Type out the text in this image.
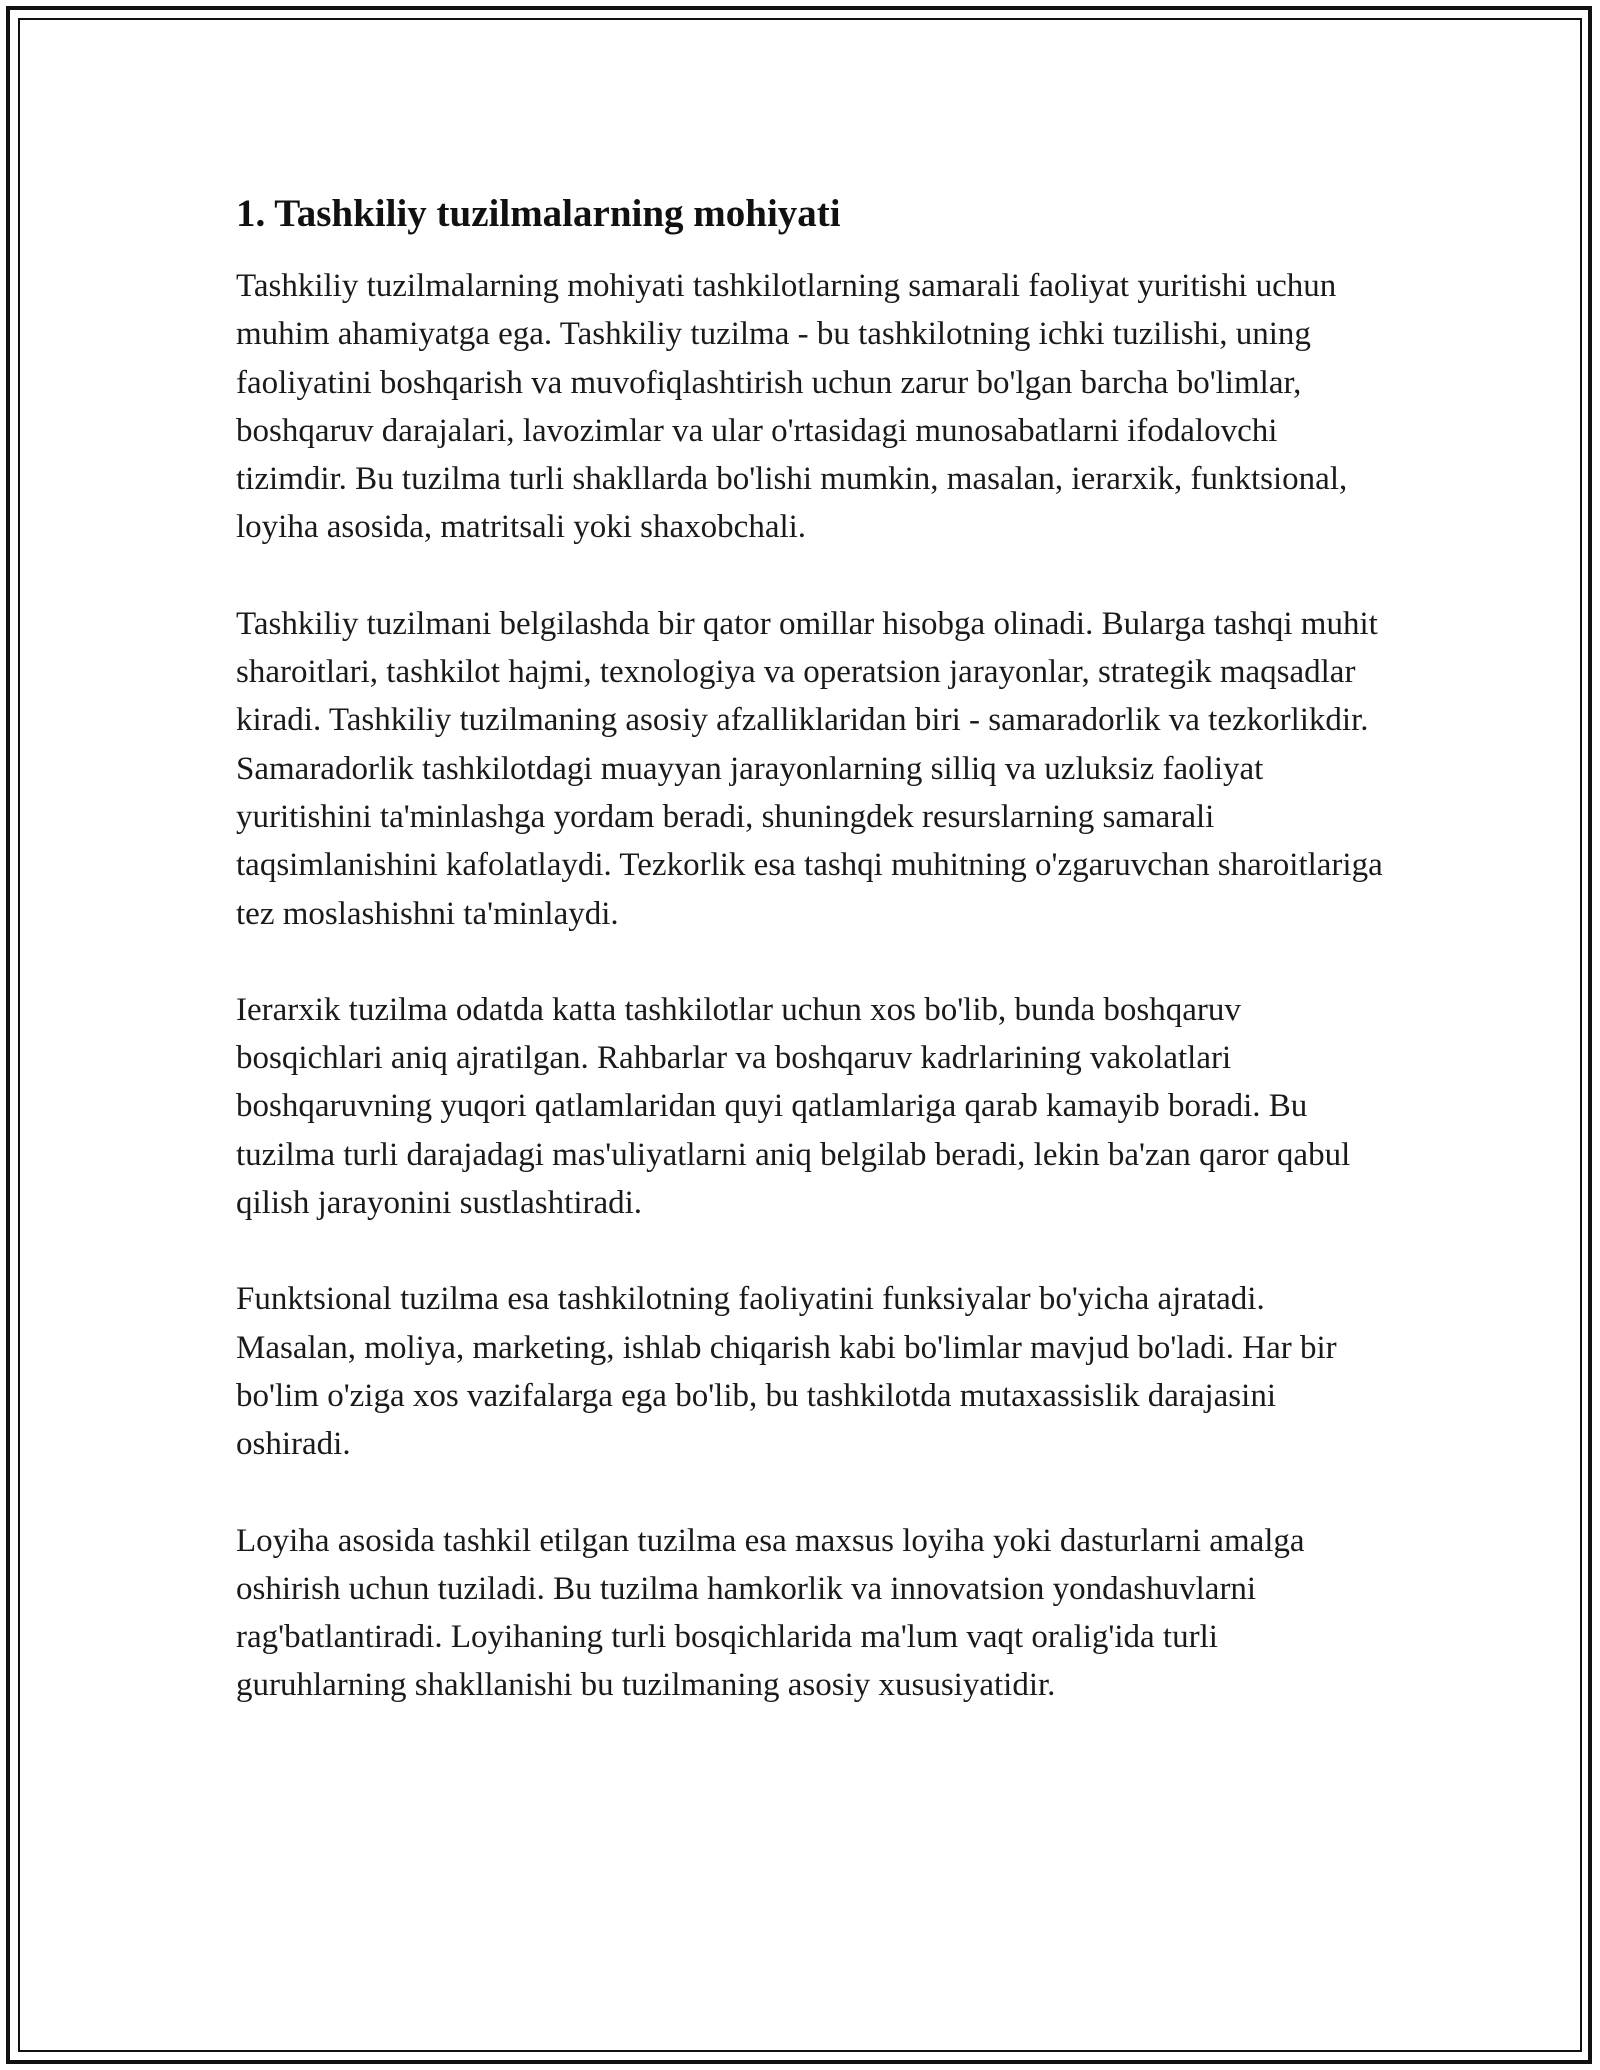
1. Tashkiliy tuzilmalarning mohiyati

Tashkiliy tuzilmalarning mohiyati tashkilotlarning samarali faoliyat yuritishi uchun muhim ahamiyatga ega. Tashkiliy tuzilma - bu tashkilotning ichki tuzilishi, uning faoliyatini boshqarish va muvofiqlashtirish uchun zarur bo'lgan barcha bo'limlar, boshqaruv darajalari, lavozimlar va ular o'rtasidagi munosabatlarni ifodalovchi tizimdir. Bu tuzilma turli shakllarda bo'lishi mumkin, masalan, ierarxik, funktsional, loyiha asosida, matritsali yoki shaxobchali.

Tashkiliy tuzilmani belgilashda bir qator omillar hisobga olinadi. Bularga tashqi muhit sharoitlari, tashkilot hajmi, texnologiya va operatsion jarayonlar, strategik maqsadlar kiradi. Tashkiliy tuzilmaning asosiy afzalliklaridan biri - samaradorlik va tezkorlikdir. Samaradorlik tashkilotdagi muayyan jarayonlarning silliq va uzluksiz faoliyat yuritishini ta'minlashga yordam beradi, shuningdek resurslarning samarali taqsimlanishini kafolatlaydi. Tezkorlik esa tashqi muhitning o'zgaruvchan sharoitlariga tez moslashishni ta'minlaydi.

Ierarxik tuzilma odatda katta tashkilotlar uchun xos bo'lib, bunda boshqaruv bosqichlari aniq ajratilgan. Rahbarlar va boshqaruv kadrlarining vakolatlari boshqaruvning yuqori qatlamlaridan quyi qatlamlariga qarab kamayib boradi. Bu tuzilma turli darajadagi mas'uliyatlarni aniq belgilab beradi, lekin ba'zan qaror qabul qilish jarayonini sustlashtiradi.

Funktsional tuzilma esa tashkilotning faoliyatini funksiyalar bo'yicha ajratadi. Masalan, moliya, marketing, ishlab chiqarish kabi bo'limlar mavjud bo'ladi. Har bir bo'lim o'ziga xos vazifalarga ega bo'lib, bu tashkilotda mutaxassislik darajasini oshiradi.

Loyiha asosida tashkil etilgan tuzilma esa maxsus loyiha yoki dasturlarni amalga oshirish uchun tuziladi. Bu tuzilma hamkorlik va innovatsion yondashuvlarni rag'batlantiradi. Loyihaning turli bosqichlarida ma'lum vaqt oralig'ida turli guruhlarning shakllanishi bu tuzilmaning asosiy xususiyatidir.
